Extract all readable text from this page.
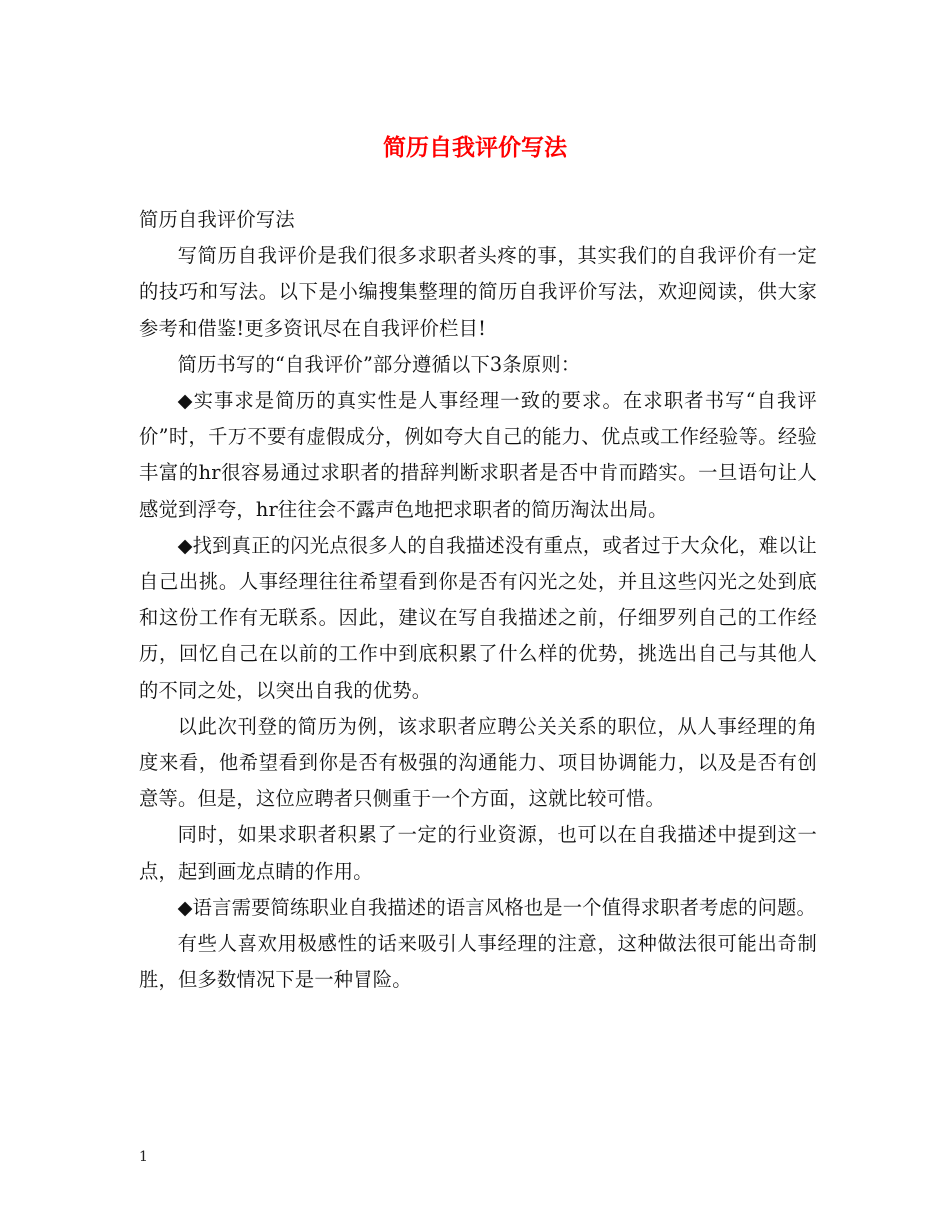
简历自我评价写法

简历自我评价写法

写简历自我评价是我们很多求职者头疼的事，其实我们的自我评价有一定的技巧和写法。以下是小编搜集整理的简历自我评价写法，欢迎阅读，供大家参考和借鉴!更多资讯尽在自我评价栏目!

简历书写的“自我评价”部分遵循以下3条原则：

◆实事求是简历的真实性是人事经理一致的要求。在求职者书写“自我评价”时，千万不要有虚假成分，例如夸大自己的能力、优点或工作经验等。经验丰富的hr很容易通过求职者的措辞判断求职者是否中肯而踏实。一旦语句让人感觉到浮夸，hr往往会不露声色地把求职者的简历淘汰出局。

◆找到真正的闪光点很多人的自我描述没有重点，或者过于大众化，难以让自己出挑。人事经理往往希望看到你是否有闪光之处，并且这些闪光之处到底和这份工作有无联系。因此，建议在写自我描述之前，仔细罗列自己的工作经历，回忆自己在以前的工作中到底积累了什么样的优势，挑选出自己与其他人的不同之处，以突出自我的优势。

以此次刊登的简历为例，该求职者应聘公关关系的职位，从人事经理的角度来看，他希望看到你是否有极强的沟通能力、项目协调能力，以及是否有创意等。但是，这位应聘者只侧重于一个方面，这就比较可惜。

同时，如果求职者积累了一定的行业资源，也可以在自我描述中提到这一点，起到画龙点睛的作用。

◆语言需要简练职业自我描述的语言风格也是一个值得求职者考虑的问题。

有些人喜欢用极感性的话来吸引人事经理的注意，这种做法很可能出奇制胜，但多数情况下是一种冒险。

1
